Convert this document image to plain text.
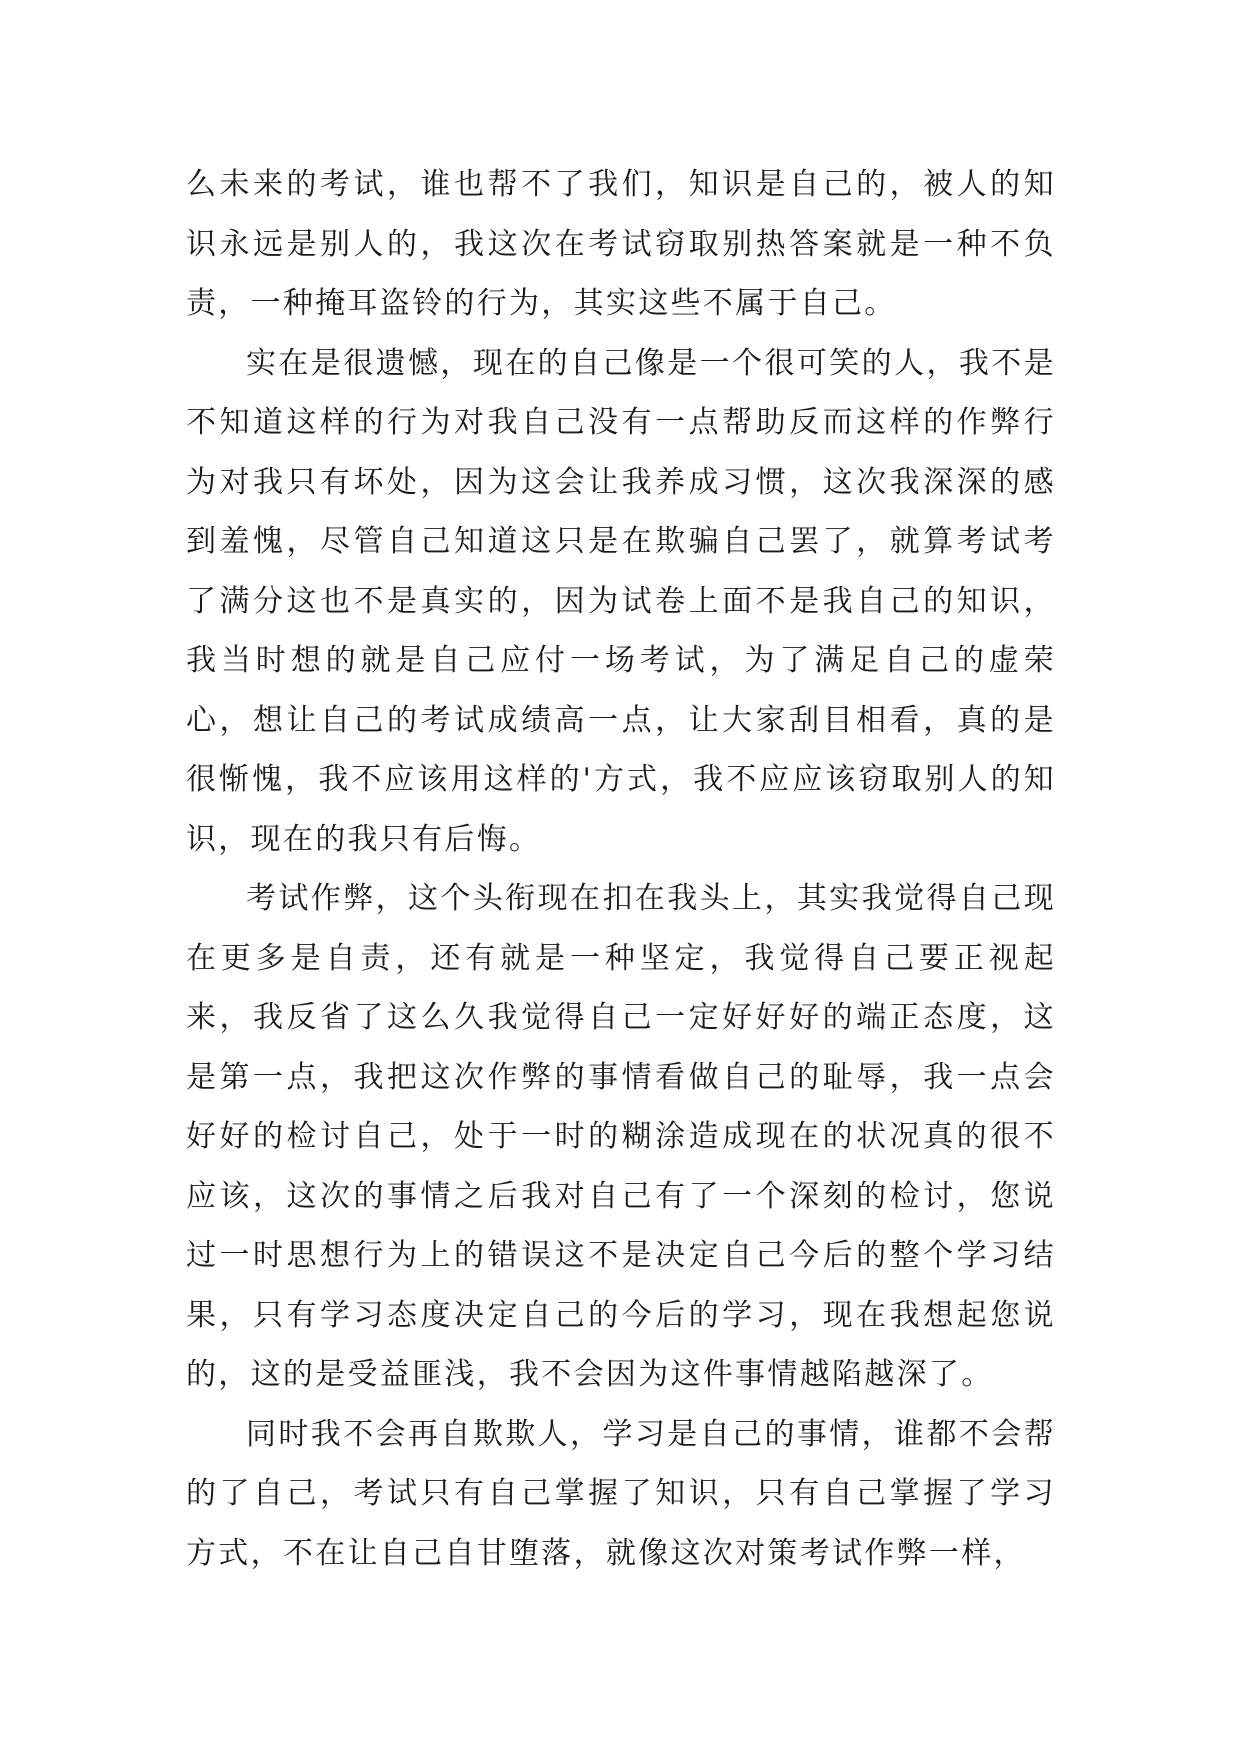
么未来的考试，谁也帮不了我们，知识是自己的，被人的知识永远是别人的，我这次在考试窃取别热答案就是一种不负责，一种掩耳盗铃的行为，其实这些不属于自己。

实在是很遗憾，现在的自己像是一个很可笑的人，我不是不知道这样的行为对我自己没有一点帮助反而这样的作弊行为对我只有坏处，因为这会让我养成习惯，这次我深深的感到羞愧，尽管自己知道这只是在欺骗自己罢了，就算考试考了满分这也不是真实的，因为试卷上面不是我自己的知识，我当时想的就是自己应付一场考试，为了满足自己的虚荣心，想让自己的考试成绩高一点，让大家刮目相看，真的是很惭愧，我不应该用这样的'方式，我不应应该窃取别人的知识，现在的我只有后悔。

考试作弊，这个头衔现在扣在我头上，其实我觉得自己现在更多是自责，还有就是一种坚定，我觉得自己要正视起来，我反省了这么久我觉得自己一定好好好的端正态度，这是第一点，我把这次作弊的事情看做自己的耻辱，我一点会好好的检讨自己，处于一时的糊涂造成现在的状况真的很不应该，这次的事情之后我对自己有了一个深刻的检讨，您说过一时思想行为上的错误这不是决定自己今后的整个学习结果，只有学习态度决定自己的今后的学习，现在我想起您说的，这的是受益匪浅，我不会因为这件事情越陷越深了。

同时我不会再自欺欺人，学习是自己的事情，谁都不会帮的了自己，考试只有自己掌握了知识，只有自己掌握了学习方式，不在让自己自甘堕落，就像这次对策考试作弊一样，
